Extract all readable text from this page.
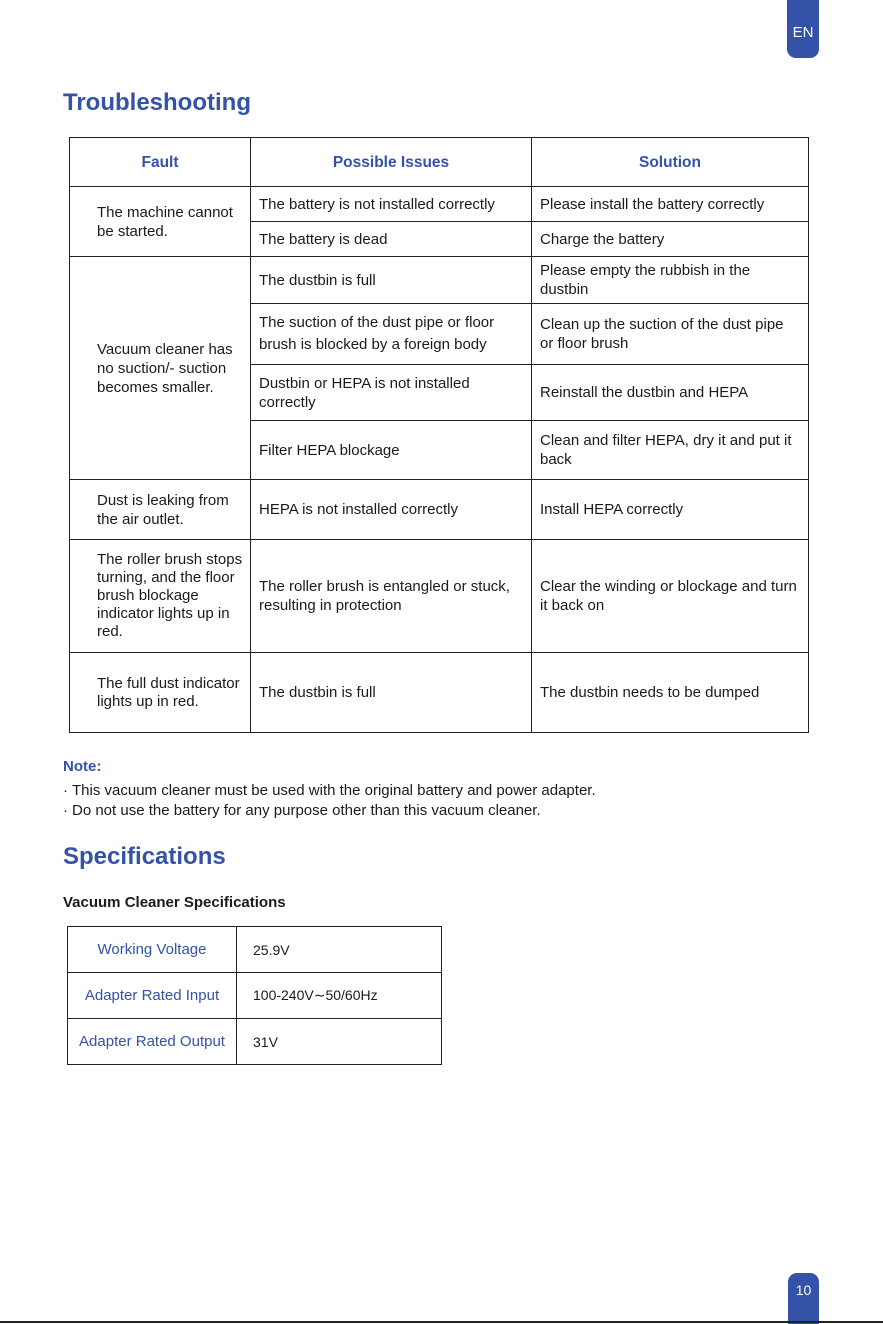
EN
Troubleshooting
Fault	Possible Issues	Solution
The machine cannot be started.	The battery is not installed correctly	Please install the battery correctly
	The battery is dead	Charge the battery
Vacuum cleaner has no suction/- suction becomes smaller.	The dustbin is full	Please empty the rubbish in the dustbin
	The suction of the dust pipe or floor brush is blocked by a foreign body	Clean up the suction of the dust pipe or floor brush
	Dustbin or HEPA is not installed correctly	Reinstall the dustbin and HEPA
	Filter HEPA blockage	Clean and filter HEPA, dry it and put it back
Dust is leaking from the air outlet.	HEPA is not installed correctly	Install HEPA correctly
The roller brush stops turning, and the floor brush blockage indicator lights up in red.	The roller brush is entangled or stuck, resulting in protection	Clear the winding or blockage and turn it back on
The full dust indicator lights up in red.	The dustbin is full	The dustbin needs to be dumped
Note:
· This vacuum cleaner must be used with the original battery and power adapter.
· Do not use the battery for any purpose other than this vacuum cleaner.
Specifications
Vacuum Cleaner Specifications
Working Voltage	25.9V
Adapter Rated Input	100-240V∼50/60Hz
Adapter Rated Output	31V
10
